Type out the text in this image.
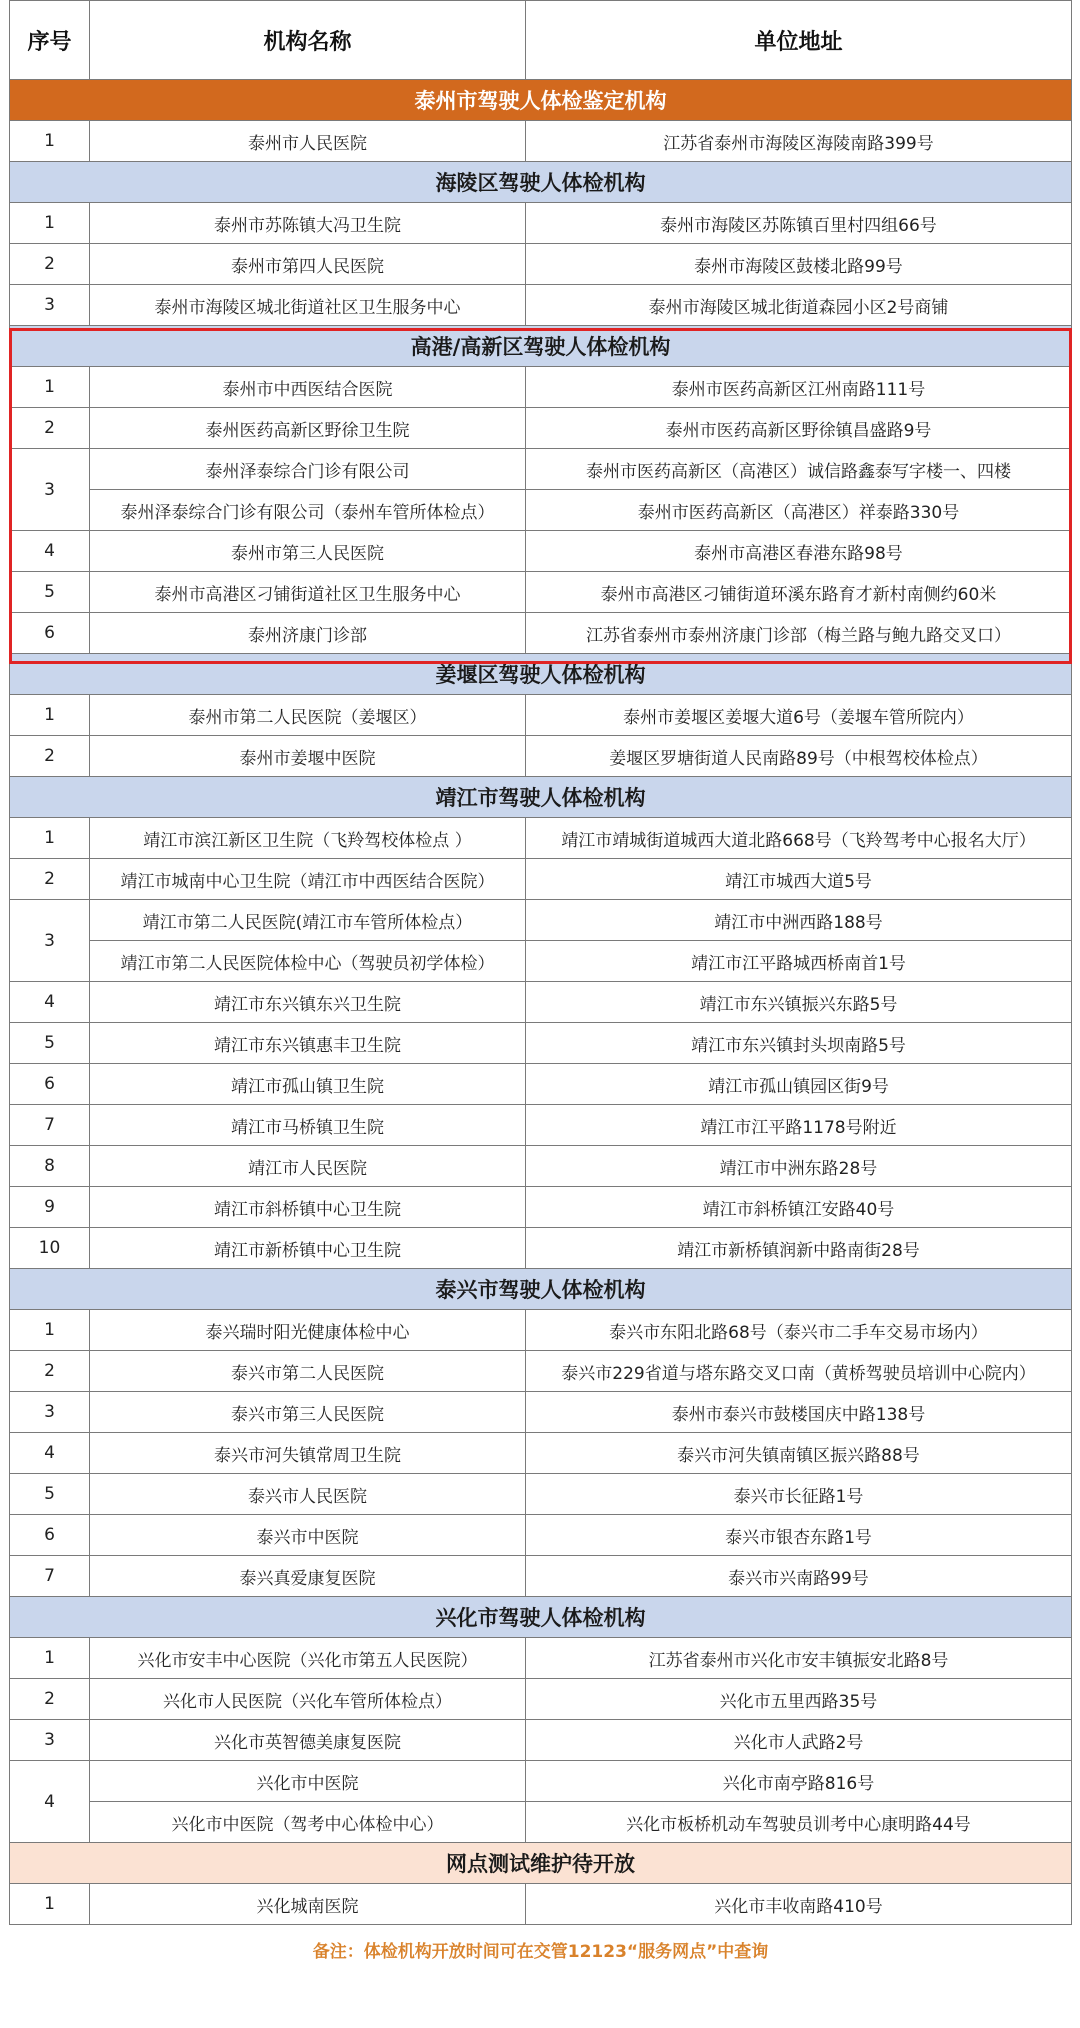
序号	机构名称	单位地址
泰州市驾驶人体检鉴定机构		
1	泰州市人民医院	江苏省泰州市海陵区海陵南路399号
海陵区驾驶人体检机构		
1	泰州市苏陈镇大冯卫生院	泰州市海陵区苏陈镇百里村四组66号
2	泰州市第四人民医院	泰州市海陵区鼓楼北路99号
3	泰州市海陵区城北街道社区卫生服务中心	泰州市海陵区城北街道森园小区2号商铺
高港/高新区驾驶人体检机构		
1	泰州市中西医结合医院	泰州市医药高新区江州南路111号
2	泰州医药高新区野徐卫生院	泰州市医药高新区野徐镇昌盛路9号
3	泰州泽泰综合门诊有限公司	泰州市医药高新区（高港区）诚信路鑫泰写字楼一、四楼
	泰州泽泰综合门诊有限公司（泰州车管所体检点）	泰州市医药高新区（高港区）祥泰路330号
4	泰州市第三人民医院	泰州市高港区春港东路98号
5	泰州市高港区刁铺街道社区卫生服务中心	泰州市高港区刁铺街道环溪东路育才新村南侧约60米
6	泰州济康门诊部	江苏省泰州市泰州济康门诊部（梅兰路与鲍九路交叉口）
姜堰区驾驶人体检机构		
1	泰州市第二人民医院（姜堰区）	泰州市姜堰区姜堰大道6号（姜堰车管所院内）
2	泰州市姜堰中医院	姜堰区罗塘街道人民南路89号（中根驾校体检点）
靖江市驾驶人体检机构		
1	靖江市滨江新区卫生院（飞羚驾校体检点 ）	靖江市靖城街道城西大道北路668号（飞羚驾考中心报名大厅）
2	靖江市城南中心卫生院（靖江市中西医结合医院）	靖江市城西大道5号
3	靖江市第二人民医院(靖江市车管所体检点）	靖江市中洲西路188号
	靖江市第二人民医院体检中心（驾驶员初学体检）	靖江市江平路城西桥南首1号
4	靖江市东兴镇东兴卫生院	靖江市东兴镇振兴东路5号
5	靖江市东兴镇惠丰卫生院	靖江市东兴镇封头坝南路5号
6	靖江市孤山镇卫生院	靖江市孤山镇园区街9号
7	靖江市马桥镇卫生院	靖江市江平路1178号附近
8	靖江市人民医院	靖江市中洲东路28号
9	靖江市斜桥镇中心卫生院	靖江市斜桥镇江安路40号
10	靖江市新桥镇中心卫生院	靖江市新桥镇润新中路南街28号
泰兴市驾驶人体检机构		
1	泰兴瑞时阳光健康体检中心	泰兴市东阳北路68号（泰兴市二手车交易市场内）
2	泰兴市第二人民医院	泰兴市229省道与塔东路交叉口南（黄桥驾驶员培训中心院内）
3	泰兴市第三人民医院	泰州市泰兴市鼓楼国庆中路138号
4	泰兴市河失镇常周卫生院	泰兴市河失镇南镇区振兴路88号
5	泰兴市人民医院	泰兴市长征路1号
6	泰兴市中医院	泰兴市银杏东路1号
7	泰兴真爱康复医院	泰兴市兴南路99号
兴化市驾驶人体检机构		
1	兴化市安丰中心医院（兴化市第五人民医院）	江苏省泰州市兴化市安丰镇振安北路8号
2	兴化市人民医院（兴化车管所体检点）	兴化市五里西路35号
3	兴化市英智德美康复医院	兴化市人武路2号
4	兴化市中医院	兴化市南亭路816号
	兴化市中医院（驾考中心体检中心）	兴化市板桥机动车驾驶员训考中心康明路44号
网点测试维护待开放		
1	兴化城南医院	兴化市丰收南路410号
备注：体检机构开放时间可在交管12123“服务网点”中查询		
